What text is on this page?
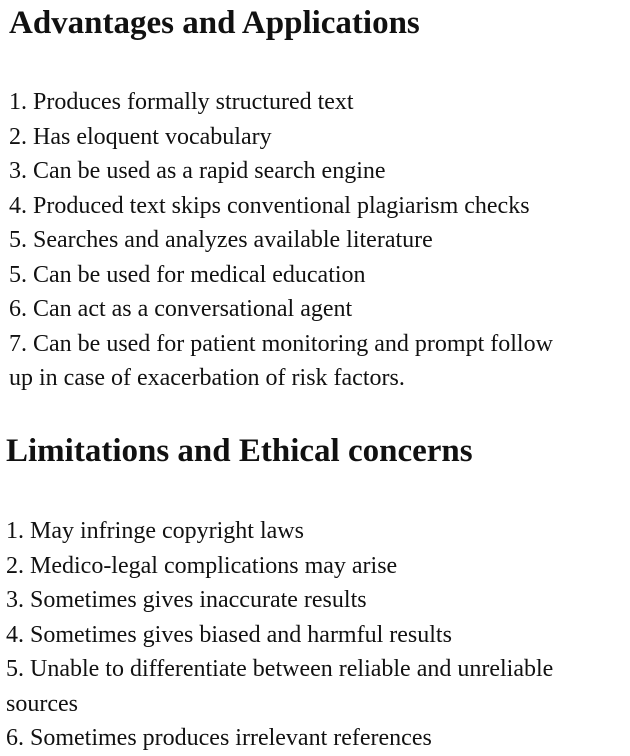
Advantages and Applications
1. Produces formally structured text
2. Has eloquent vocabulary
3. Can be used as a rapid search engine
4. Produced text skips conventional plagiarism checks
5. Searches and analyzes available literature
5. Can be used for medical education
6. Can act as a conversational agent
7. Can be used for patient monitoring and prompt follow up in case of exacerbation of risk factors.
Limitations and Ethical concerns
1. May infringe copyright laws
2. Medico-legal complications may arise
3. Sometimes gives inaccurate results
4. Sometimes gives biased and harmful results
5. Unable to differentiate between reliable and unreliable sources
6. Sometimes produces irrelevant references
